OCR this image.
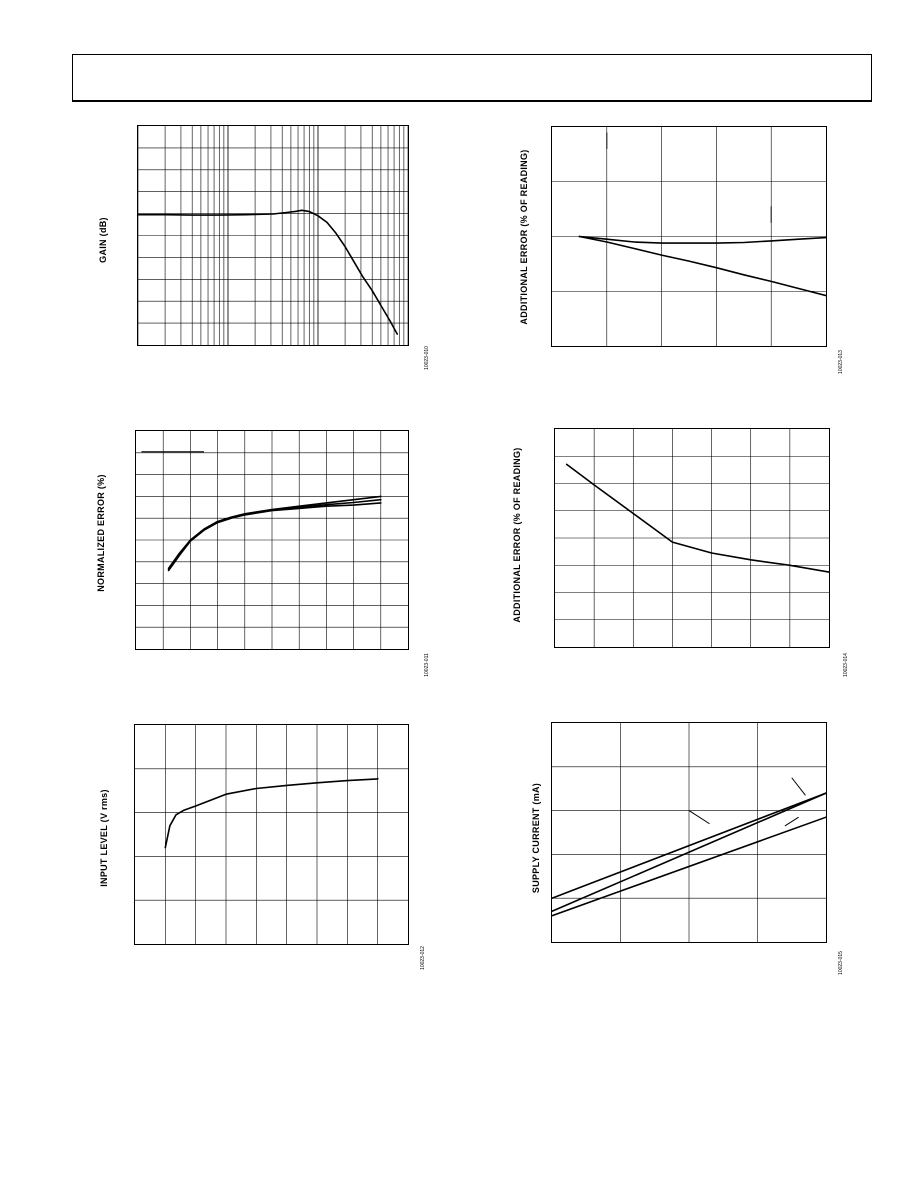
GAIN (dB)
10023-010
ADDITIONAL ERROR (% OF READING)
10023-013
NORMALIZED ERROR (%)
10023-011
ADDITIONAL ERROR (% OF READING)
10023-014
INPUT LEVEL (V rms)
10023-012
SUPPLY CURRENT (mA)
10023-015
